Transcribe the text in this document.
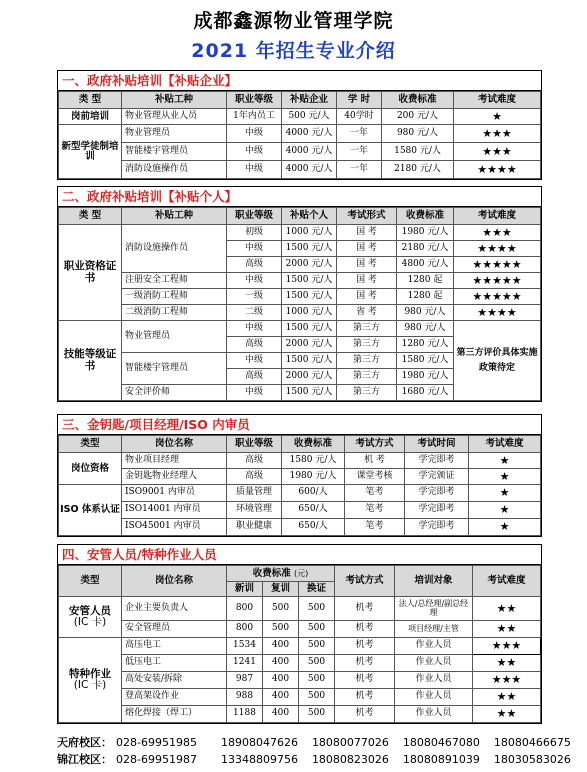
成都鑫源物业管理学院
2021 年招生专业介绍
一、政府补贴培训【补贴企业】
类 型	补贴工种	职业等级	补贴企业	学 时	收费标准	考试难度
岗前培训	物业管理从业人员	1年内员工	500 元/人	40学时	200 元/人	★
新型学徒制培训	物业管理员	中级	4000 元/人	一年	980 元/人	★★★
	智能楼宇管理员	中级	4000 元/人	一年	1580 元/人	★★★
	消防设施操作员	中级	4000 元/人	一年	2180 元/人	★★★★
二、政府补贴培训【补贴个人】
类 型	补贴工种	职业等级	补贴个人	考试形式	收费标准	考试难度
职业资格证书	消防设施操作员	初级	1000 元/人	国 考	1980 元/人	★★★
		中级	1500 元/人	国 考	2180 元/人	★★★★
		高级	2000 元/人	国 考	4800 元/人	★★★★★
	注册安全工程师	中级	1500 元/人	国 考	1280 起	★★★★★
	一级消防工程师	一级	1500 元/人	国 考	1280 起	★★★★★
	二级消防工程师	二级	1000 元/人	省 考	980 元/人	★★★★
技能等级证书	物业管理员	中级	1500 元/人	第三方	980 元/人	第三方评价具体实施政策待定
		高级	2000 元/人	第三方	1280 元/人	
	智能楼宇管理员	中级	1500 元/人	第三方	1580 元/人	
		高级	2000 元/人	第三方	1980 元/人	
	安全评价师	中级	1500 元/人	第三方	1680 元/人	
三、金钥匙/项目经理/ISO 内审员
类型	岗位名称	职业等级	收费标准	考试方式	考试时间	考试难度
岗位资格	物业项目经理	高级	1580 元/人	机 考	学完即考	★
	金钥匙物业经理人	高级	1980 元/人	课堂考核	学完颁证	★
ISO 体系认证	ISO9001 内审员	质量管理	600/人	笔考	学完即考	★
	ISO14001 内审员	环境管理	650/人	笔考	学完即考	★
	ISO45001 内审员	职业健康	650/人	笔考	学完即考	★
四、安管人员/特种作业人员
类型	岗位名称	收费标准 (元)			考试方式	培训对象	考试难度
		新训	复训	换证			

安管人员
(IC 卡)	企业主要负责人	800	500	500	机考	法人/总经理/副总经理	★★
	安全管理员	800	500	500	机考	项目经理/主管	★★

特种作业
(IC 卡)	高压电工	1534	400	500	机考	作业人员	★★★
	低压电工	1241	400	500	机考	作业人员	★★
	高处安装/拆除	987	400	500	机考	作业人员	★★★
	登高架设作业	988	400	500	机考	作业人员	★★
	熔化焊接（焊工）	1188	400	500	机考	作业人员	★★
天府校区： 028-69951985 18908047626 18080077026 18080467080 18080466675
锦江校区： 028-69951987 13348809756 18080823026 18080891039 18030583026
